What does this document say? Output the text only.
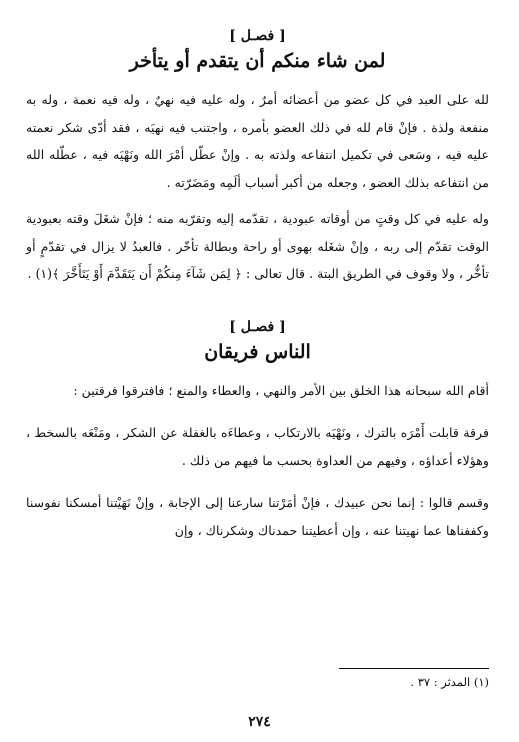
[ فصـل ]
لمن شاء منكم أن يتقدم أو يتأخر

لله على العبد في كل عضو من أعضائه أمرٌ ، وله عليه فيه نهيٌ ، وله فيه نعمة ، وله به منفعة ولذة . فإنْ قام لله في ذلك العضو بأمره ، واجتنب فيه نهيَه ، فقد أدّى شكر نعمته عليه فيه ، وسَعى في تكميل انتفاعه ولذته به . وإنْ عطّل أمْرَ الله ونَهْيَه فيه ، عطّله الله من انتفاعه بذلك العضو ، وجعله من أكبر أسباب ألَمِه ومَضَرّته .

وله عليه في كل وقتٍ من أوقاته عبودية ، تقدّمه إليه وتقرّبه منه ؛ فإنْ شغَلَ وقته بعبودية الوقت تقدّم إلى ربه ، وإنْ شغَله بهوى أو راحة وبطالة تأخّر . فالعبدُ لا يزال في تقدّمٍ أو تأخُّر ، ولا وقوف في الطريق البتة . قال تعالى : ﴿ لِمَن شَآءَ مِنكُمْ أَن يَتَقَدَّمَ أَوْ يَتَأَخَّرَ ﴾(١) .

[ فصـل ]
الناس فريقان

أقام الله سبحانه هذا الخلق بين الأمر والنهي ، والعطاء والمنع ؛ فافترقوا فرقتين :

فرقة قابلت أَمْرَه بالترك ، ونَهْيَه بالارتكاب ، وعطاءَه بالغفلة عن الشكر ، ومَنْعَه بالسخط ، وهؤلاء أعداؤه ، وفيهم من العداوة بحسب ما فيهم من ذلك .

وقسم قالوا : إنما نحن عبيدك ، فإنْ أمَرْتنا سارعنا إلى الإجابة ، وإنْ نَهَيْتنا أمسكنا نفوسنا وكففناها عما نهيتنا عنه ، وإن أعطيتنا حمدناك وشكرناك ، وإن

(١) المدثر : ٣٧ .
٢٧٤
